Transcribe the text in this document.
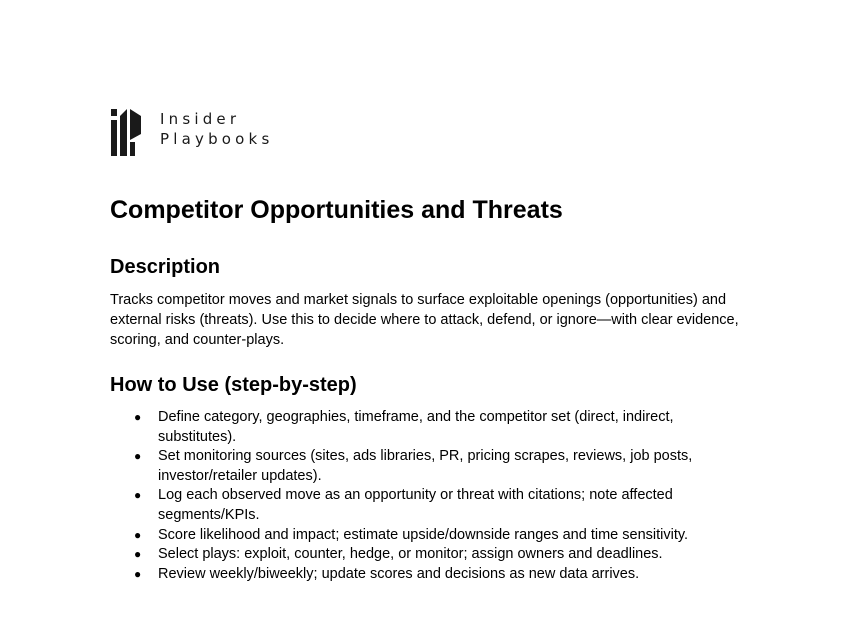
Insider
Playbooks
Competitor Opportunities and Threats
Description

Tracks competitor moves and market signals to surface exploitable openings (opportunities) and external risks (threats). Use this to decide where to attack, defend, or ignore—with clear evidence, scoring, and counter-plays.

How to Use (step-by-step)
●	Define category, geographies, timeframe, and the competitor set (direct, indirect, substitutes).
●	Set monitoring sources (sites, ads libraries, PR, pricing scrapes, reviews, job posts, investor/retailer updates).
●	Log each observed move as an opportunity or threat with citations; note affected segments/KPIs.
●	Score likelihood and impact; estimate upside/downside ranges and time sensitivity.
●	Select plays: exploit, counter, hedge, or monitor; assign owners and deadlines.
●	Review weekly/biweekly; update scores and decisions as new data arrives.
